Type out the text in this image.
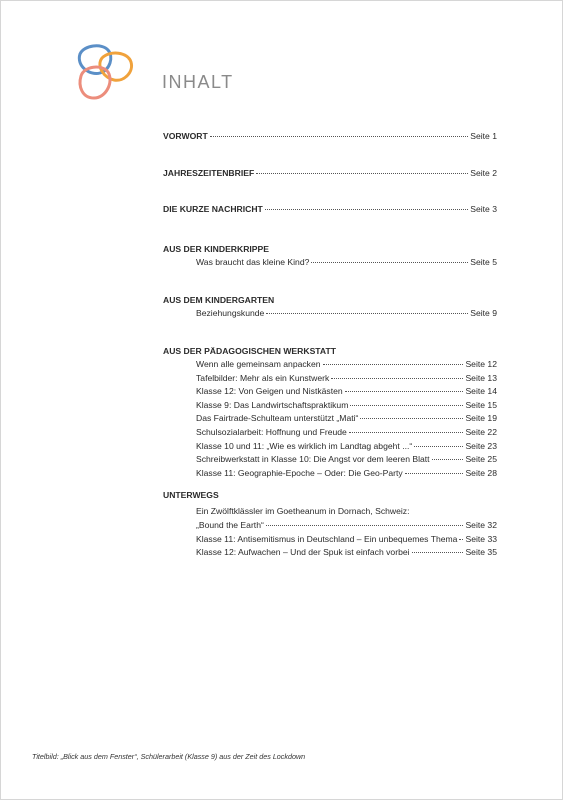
INHALT
VORWORT	Seite 1
JAHRESZEITENBRIEF	Seite 2
DIE KURZE NACHRICHT	Seite 3
AUS DER KINDERKRIPPE
Was braucht das kleine Kind?	Seite 5
AUS DEM KINDERGARTEN
Beziehungskunde	Seite 9
AUS DER PÄDAGOGISCHEN WERKSTATT
Wenn alle gemeinsam anpacken	Seite 12
Tafelbilder: Mehr als ein Kunstwerk	Seite 13
Klasse 12: Von Geigen und Nistkästen	Seite 14
Klasse 9: Das Landwirtschaftspraktikum	Seite 15
Das Fairtrade-Schulteam unterstützt „Mati“	Seite 19
Schulsozialarbeit: Hoffnung und Freude	Seite 22
Klasse 10 und 11: „Wie es wirklich im Landtag abgeht ...“	Seite 23
Schreibwerkstatt in Klasse 10: Die Angst vor dem leeren Blatt	Seite 25
Klasse 11: Geographie-Epoche – Oder: Die Geo-Party	Seite 28
UNTERWEGS
Ein Zwölftklässler im Goetheanum in Dornach, Schweiz:
„Bound the Earth“	Seite 32
Klasse 11: Antisemitismus in Deutschland – Ein unbequemes Thema Seite 33
Klasse 12: Aufwachen – Und der Spuk ist einfach vorbei	Seite 35
Titelbild: „Blick aus dem Fenster“, Schülerarbeit (Klasse 9) aus der Zeit des Lockdown
